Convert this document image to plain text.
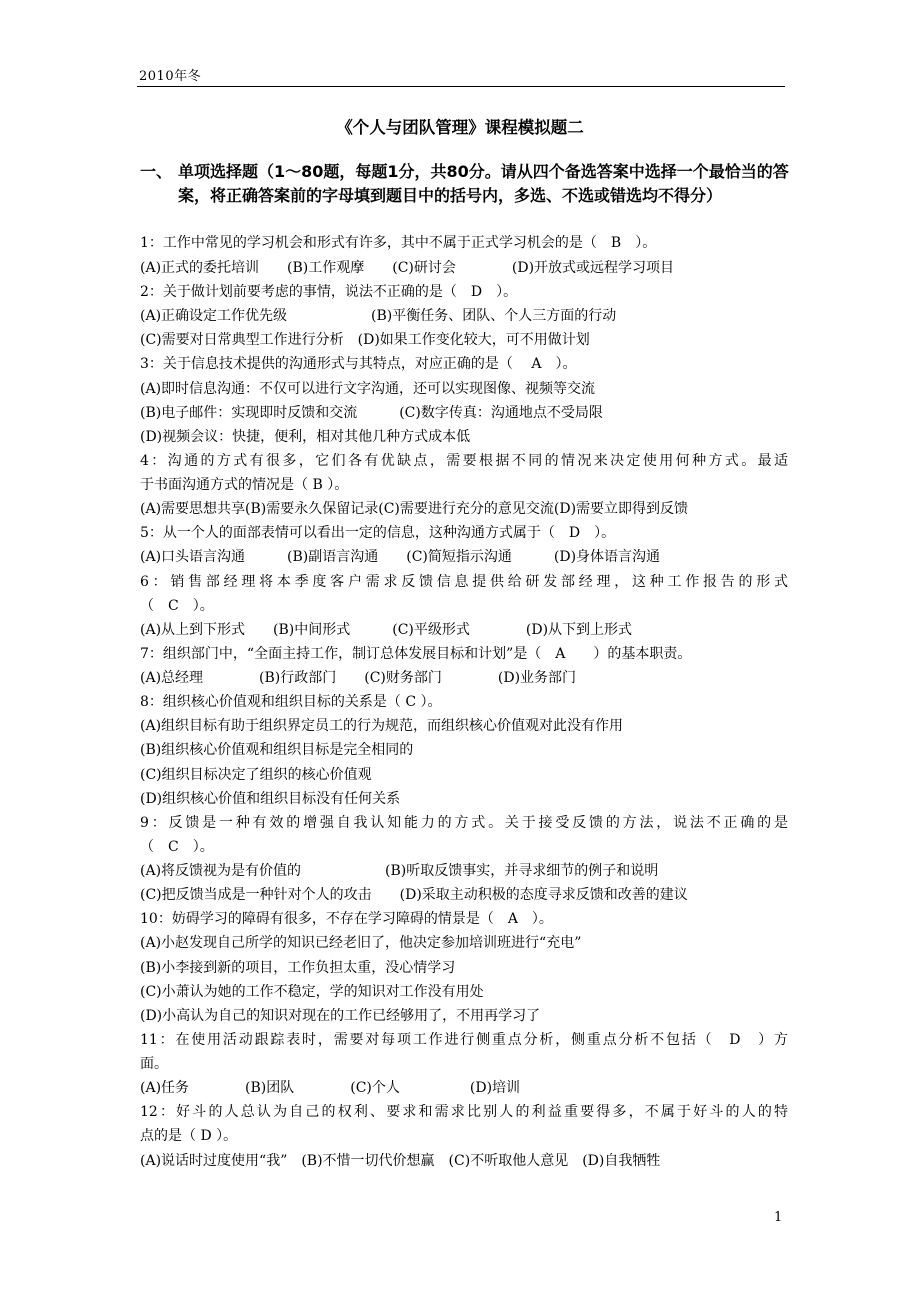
2010年冬
《个人与团队管理》课程模拟题二
一、 单项选择题（1～80题，每题1分，共80分。请从四个备选答案中选择一个最恰当的答案，将正确答案前的字母填到题目中的括号内，多选、不选或错选均不得分）
1：工作中常见的学习机会和形式有许多，其中不属于正式学习机会的是（　B　）。
(A)正式的委托培训　　(B)工作观摩　　(C)研讨会　　　　(D)开放式或远程学习项目
2：关于做计划前要考虑的事情，说法不正确的是（　D　）。
(A)正确设定工作优先级　　　　　　(B)平衡任务、团队、个人三方面的行动
(C)需要对日常典型工作进行分析　(D)如果工作变化较大，可不用做计划
3：关于信息技术提供的沟通形式与其特点，对应正确的是（　 A　）。
(A)即时信息沟通：不仅可以进行文字沟通，还可以实现图像、视频等交流
(B)电子邮件：实现即时反馈和交流　　　(C)数字传真：沟通地点不受局限
(D)视频会议：快捷，便利，相对其他几种方式成本低
4：沟通的方式有很多，它们各有优缺点，需要根据不同的情况来决定使用何种方式。最适
于书面沟通方式的情况是（ B ）。
(A)需要思想共享(B)需要永久保留记录(C)需要进行充分的意见交流(D)需要立即得到反馈
5：从一个人的面部表情可以看出一定的信息，这种沟通方式属于（　D　）。
(A)口头语言沟通　　　(B)副语言沟通　　(C)简短指示沟通　　　(D)身体语言沟通
6：销售部经理将本季度客户需求反馈信息提供给研发部经理，这种工作报告的形式
（　C　）。
(A)从上到下形式　　(B)中间形式　　　(C)平级形式　　　　(D)从下到上形式
7：组织部门中，“全面主持工作，制订总体发展目标和计划”是（　A　　）的基本职责。
(A)总经理　　　　(B)行政部门　　(C)财务部门　　　　(D)业务部门
8：组织核心价值观和组织目标的关系是（ C ）。
(A)组织目标有助于组织界定员工的行为规范，而组织核心价值观对此没有作用
(B)组织核心价值观和组织目标是完全相同的
(C)组织目标决定了组织的核心价值观
(D)组织核心价值和组织目标没有任何关系
9：反馈是一种有效的增强自我认知能力的方式。关于接受反馈的方法，说法不正确的是
（　C　）。
(A)将反馈视为是有价值的　　　　　　(B)听取反馈事实，并寻求细节的例子和说明
(C)把反馈当成是一种针对个人的攻击　　(D)采取主动积极的态度寻求反馈和改善的建议
10：妨碍学习的障碍有很多，不存在学习障碍的情景是（　A　）。
(A)小赵发现自己所学的知识已经老旧了，他决定参加培训班进行“充电”
(B)小李接到新的项目，工作负担太重，没心情学习
(C)小萧认为她的工作不稳定，学的知识对工作没有用处
(D)小高认为自己的知识对现在的工作已经够用了，不用再学习了
11：在使用活动跟踪表时，需要对每项工作进行侧重点分析，侧重点分析不包括（　D　）方
面。
(A)任务　　　　(B)团队　　　　(C)个人　　　　　(D)培训
12：好斗的人总认为自己的权利、要求和需求比别人的利益重要得多，不属于好斗的人的特
点的是（ D ）。
(A)说话时过度使用“我”　(B)不惜一切代价想赢　(C)不听取他人意见　(D)自我牺牲
1
